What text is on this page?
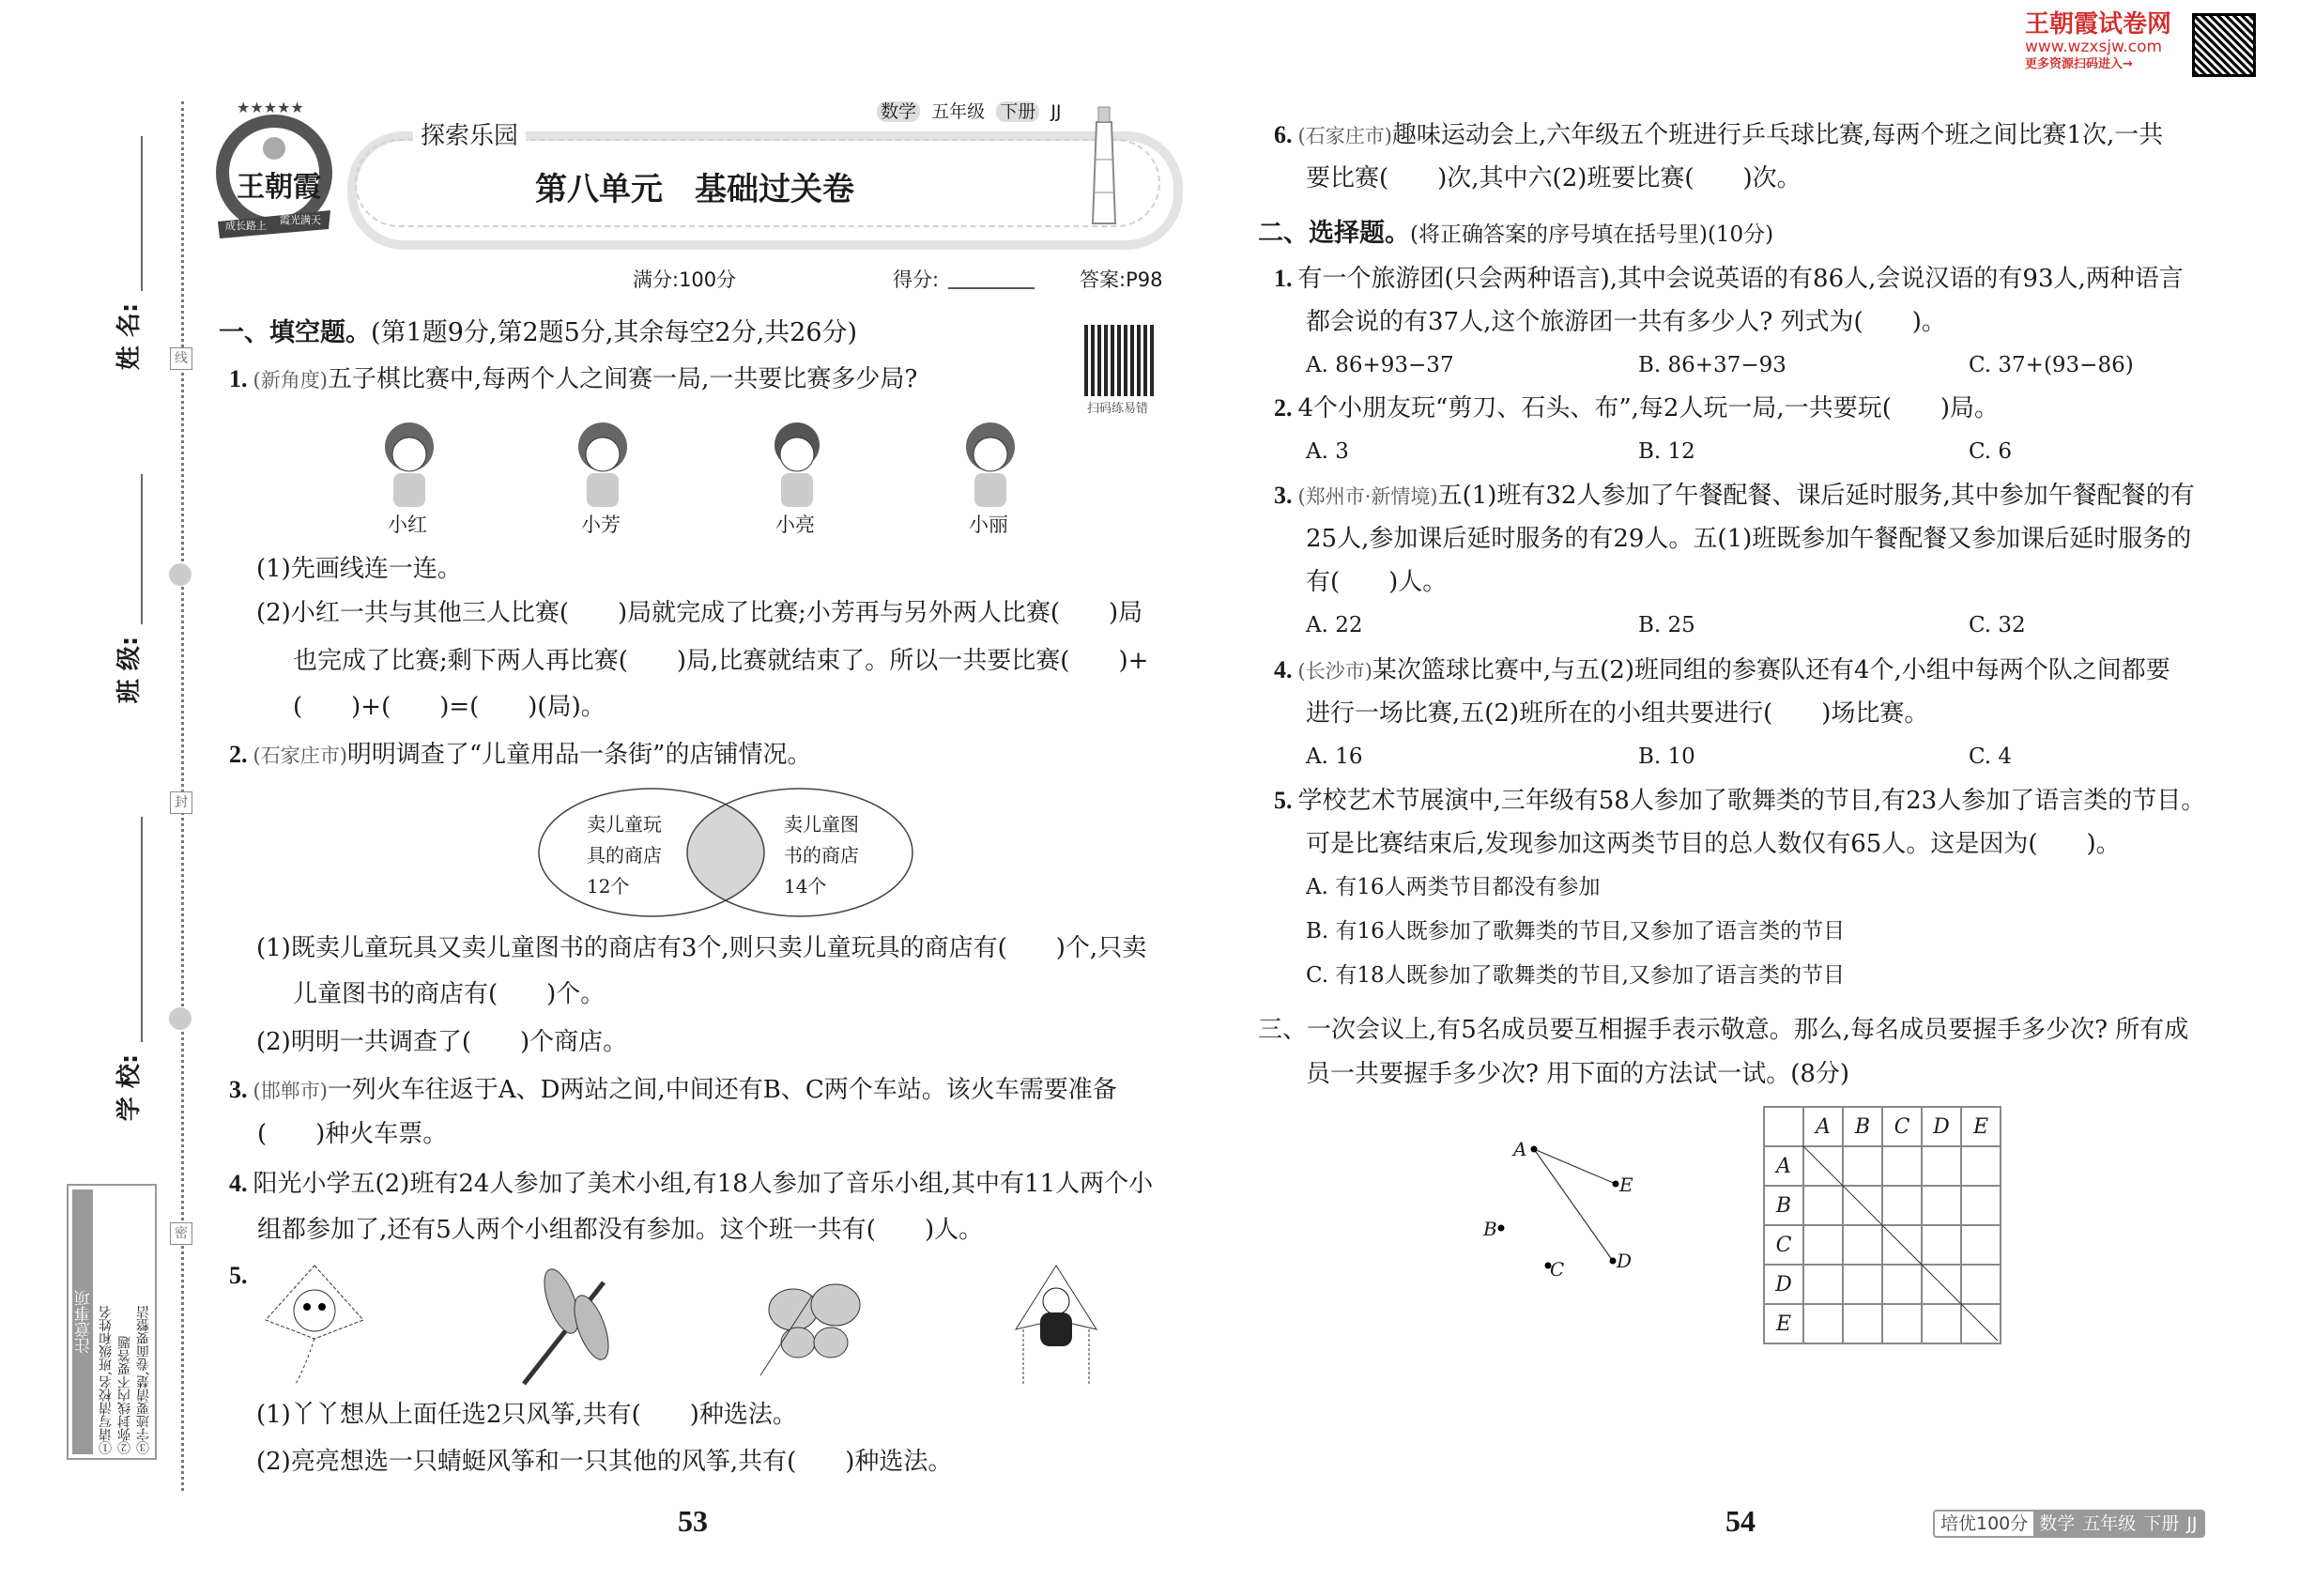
线
封
密
姓 名:
班 级:
学 校:
注意事项 ①请写清校名,班级和姓名 ②弥封线内不要答题 ③字迹要清楚,卷面要整洁
★★★★★
王朝霞
成长路上 霞光满天
探索乐园
数学 五年级 下册 JJ
第八单元　基础过关卷
满分:100分	得分:	答案:P98
扫码练易错
一、填空题。(第1题9分,第2题5分,其余每空2分,共26分)
1. (新角度)五子棋比赛中,每两个人之间赛一局,一共要比赛多少局?
小红	小芳	小亮	小丽
(1)先画线连一连。
(2)小红一共与其他三人比赛(　　)局就完成了比赛;小芳再与另外两人比赛(　　)局
也完成了比赛;剩下两人再比赛(　　)局,比赛就结束了。所以一共要比赛(　　)+
(　　)+(　　)=(　　)(局)。
2. (石家庄市)明明调查了“儿童用品一条街”的店铺情况。
卖儿童玩
具的商店
12个
卖儿童图
书的商店
14个
(1)既卖儿童玩具又卖儿童图书的商店有3个,则只卖儿童玩具的商店有(　　)个,只卖
儿童图书的商店有(　　)个。
(2)明明一共调查了(　　)个商店。
3. (邯郸市)一列火车往返于A、D两站之间,中间还有B、C两个车站。该火车需要准备
(　　)种火车票。
4. 阳光小学五(2)班有24人参加了美术小组,有18人参加了音乐小组,其中有11人两个小
组都参加了,还有5人两个小组都没有参加。这个班一共有(　　)人。
5.
(1)丫丫想从上面任选2只风筝,共有(　　)种选法。
(2)亮亮想选一只蜻蜓风筝和一只其他的风筝,共有(　　)种选法。
53
王朝霞试卷网
www.wzxsjw.com
更多资源扫码进入→
6. (石家庄市)趣味运动会上,六年级五个班进行乒乓球比赛,每两个班之间比赛1次,一共
要比赛(　　)次,其中六(2)班要比赛(　　)次。
二、选择题。(将正确答案的序号填在括号里)(10分)
1. 有一个旅游团(只会两种语言),其中会说英语的有86人,会说汉语的有93人,两种语言
都会说的有37人,这个旅游团一共有多少人? 列式为(　　)。
A. 86+93−37	B. 86+37−93	C. 37+(93−86)
2. 4个小朋友玩“剪刀、石头、布”,每2人玩一局,一共要玩(　　)局。
A. 3	B. 12	C. 6
3. (郑州市·新情境)五(1)班有32人参加了午餐配餐、课后延时服务,其中参加午餐配餐的有
25人,参加课后延时服务的有29人。五(1)班既参加午餐配餐又参加课后延时服务的
有(　　)人。
A. 22	B. 25	C. 32
4. (长沙市)某次篮球比赛中,与五(2)班同组的参赛队还有4个,小组中每两个队之间都要
进行一场比赛,五(2)班所在的小组共要进行(　　)场比赛。
A. 16	B. 10	C. 4
5. 学校艺术节展演中,三年级有58人参加了歌舞类的节目,有23人参加了语言类的节目。
可是比赛结束后,发现参加这两类节目的总人数仅有65人。这是因为(　　)。
A. 有16人两类节目都没有参加
B. 有16人既参加了歌舞类的节目,又参加了语言类的节目
C. 有18人既参加了歌舞类的节目,又参加了语言类的节目
三、一次会议上,有5名成员要互相握手表示敬意。那么,每名成员要握手多少次? 所有成
员一共要握手多少次? 用下面的方法试一试。(8分)
A
B
C	D
E
	A	B	C	D	E
A					
B					
C					
D					
E					
54	培优100分 数学 五年级 下册 JJ
